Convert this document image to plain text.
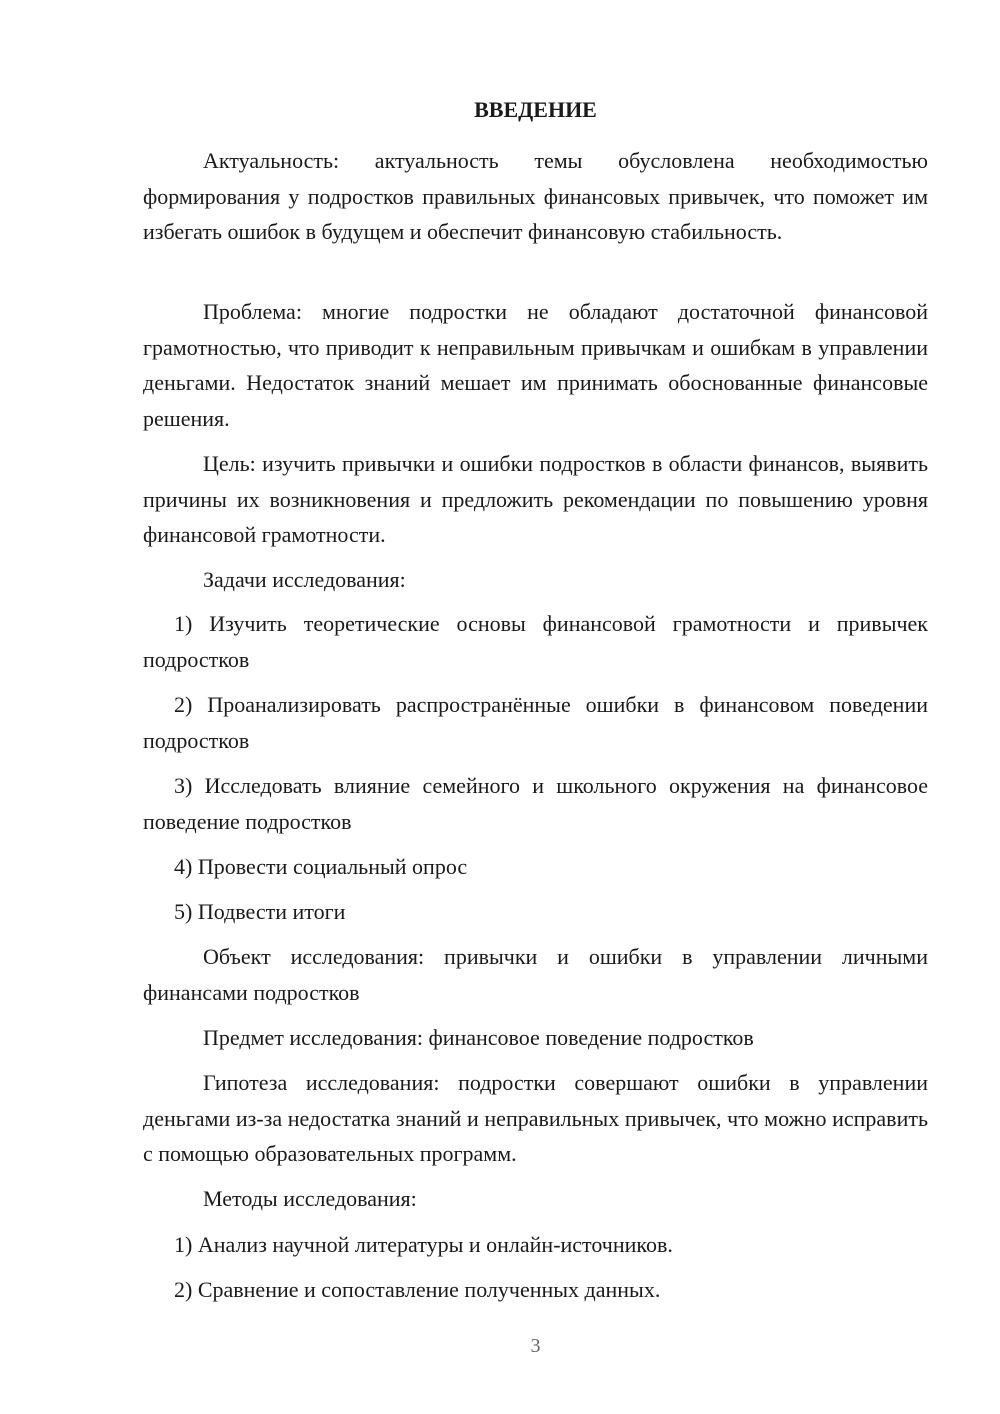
ВВЕДЕНИЕ

Актуальность: актуальность темы обусловлена необходимостью формирования у подростков правильных финансовых привычек, что поможет им избегать ошибок в будущем и обеспечит финансовую стабильность.

Проблема: многие подростки не обладают достаточной финансовой грамотностью, что приводит к неправильным привычкам и ошибкам в управлении деньгами. Недостаток знаний мешает им принимать обоснованные финансовые решения.

Цель: изучить привычки и ошибки подростков в области финансов, выявить причины их возникновения и предложить рекомендации по повышению уровня финансовой грамотности.

Задачи исследования:

1) Изучить теоретические основы финансовой грамотности и привычек подростков

2) Проанализировать распространённые ошибки в финансовом поведении подростков

3) Исследовать влияние семейного и школьного окружения на финансовое поведение подростков

4) Провести социальный опрос

5) Подвести итоги

Объект исследования: привычки и ошибки в управлении личными финансами подростков

Предмет исследования: финансовое поведение подростков

Гипотеза исследования: подростки совершают ошибки в управлении деньгами из-за недостатка знаний и неправильных привычек, что можно исправить с помощью образовательных программ.

Методы исследования:

1) Анализ научной литературы и онлайн-источников.

2) Сравнение и сопоставление полученных данных.

3
